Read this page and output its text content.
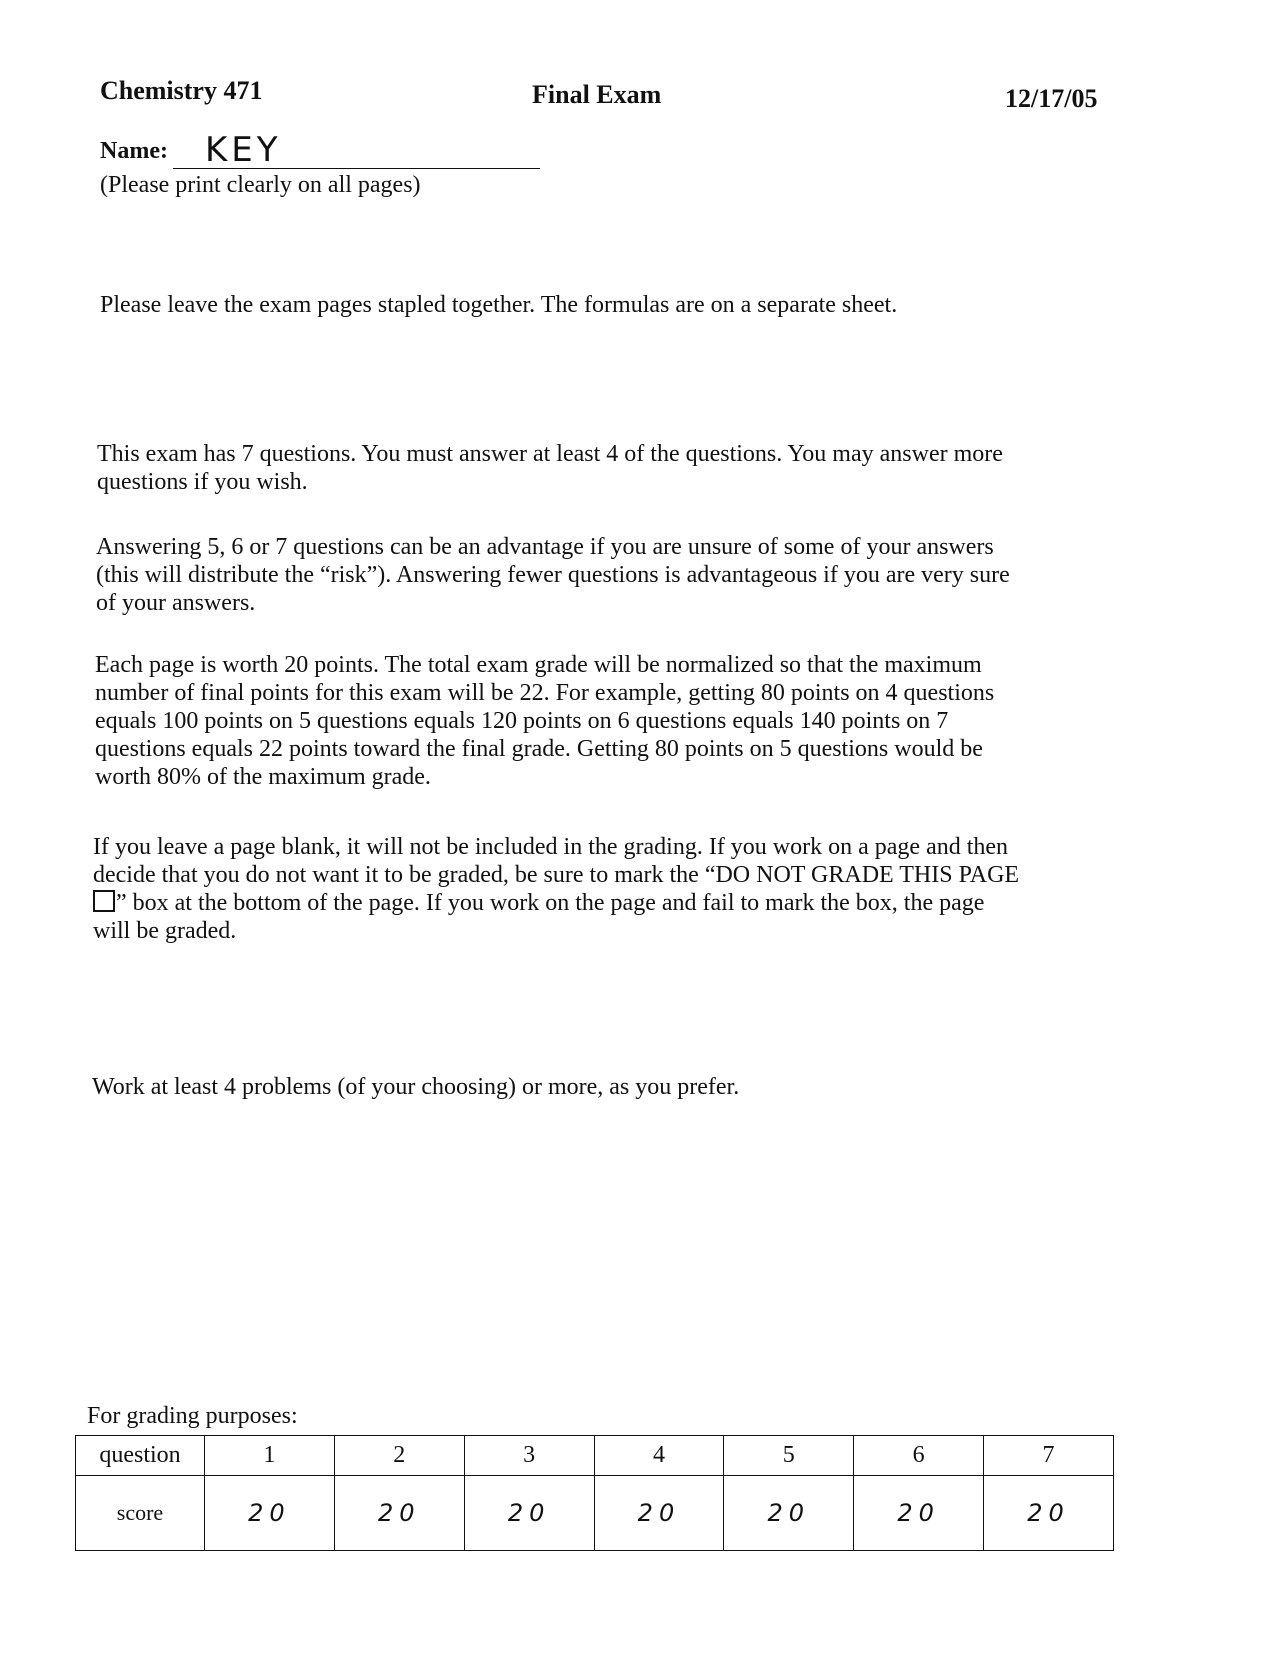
Chemistry 471	Final Exam	12/17/05
Name: KEY
(Please print clearly on all pages)
Please leave the exam pages stapled together. The formulas are on a separate sheet.

This exam has 7 questions. You must answer at least 4 of the questions. You may answer more

questions if you wish.

Answering 5, 6 or 7 questions can be an advantage if you are unsure of some of your answers

(this will distribute the “risk”). Answering fewer questions is advantageous if you are very sure

of your answers.

Each page is worth 20 points. The total exam grade will be normalized so that the maximum

number of final points for this exam will be 22. For example, getting 80 points on 4 questions

equals 100 points on 5 questions equals 120 points on 6 questions equals 140 points on 7

questions equals 22 points toward the final grade. Getting 80 points on 5 questions would be

worth 80% of the maximum grade.

If you leave a page blank, it will not be included in the grading. If you work on a page and then

decide that you do not want it to be graded, be sure to mark the “DO NOT GRADE THIS PAGE

” box at the bottom of the page. If you work on the page and fail to mark the box, the page

will be graded.

Work at least 4 problems (of your choosing) or more, as you prefer.
For grading purposes:
question	1	2	3	4	5	6	7
score	20	20	20	20	20	20	20
